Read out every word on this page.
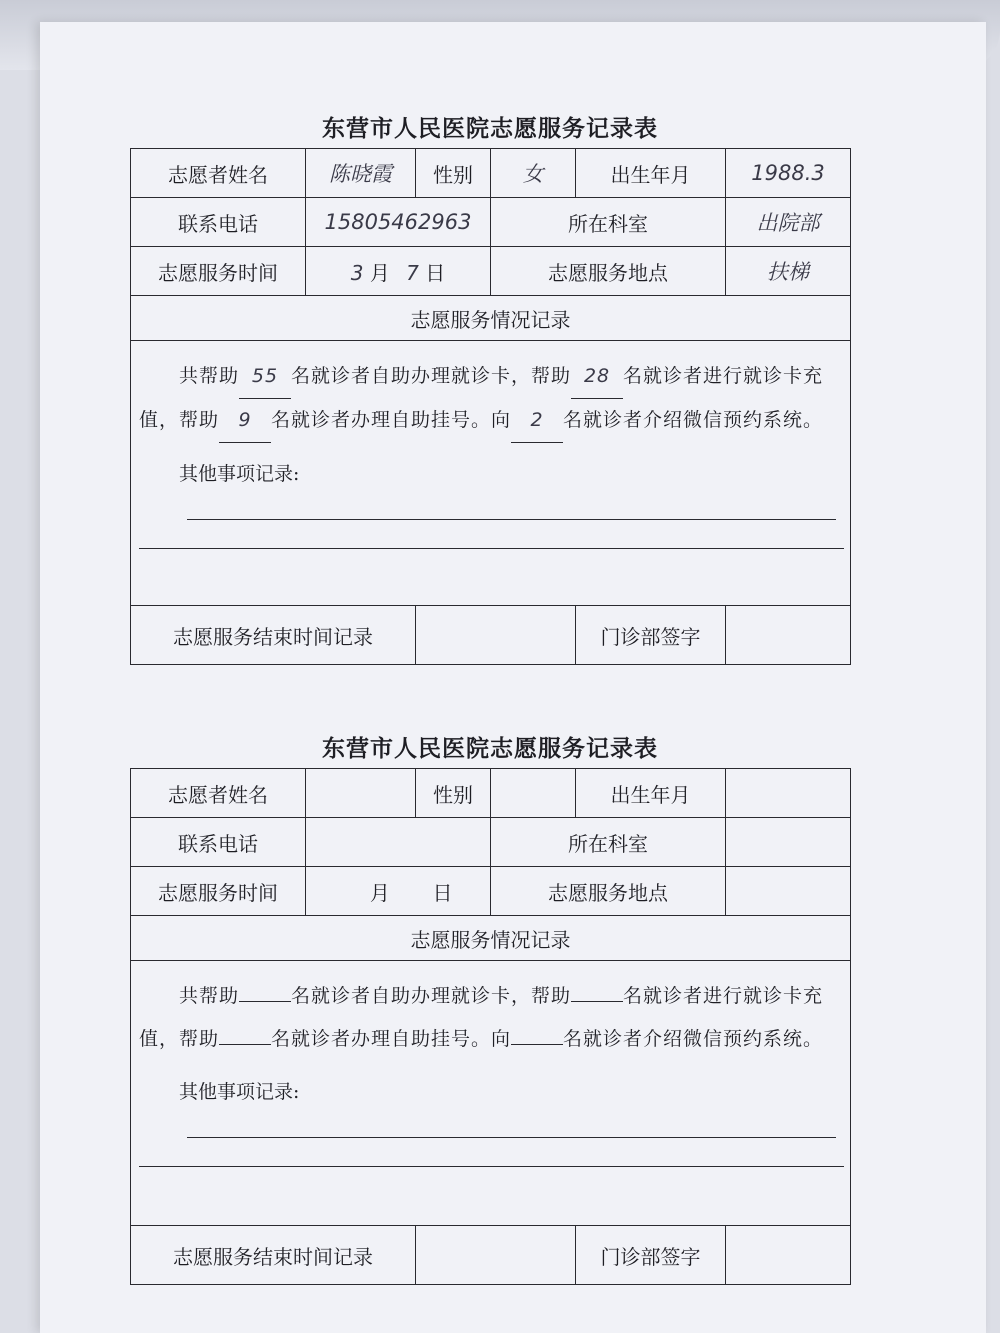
东营市人民医院志愿服务记录表
志愿者姓名	陈晓霞	性别	女	出生年月	1988.3
联系电话	15805462963		所在科室		出院部
志愿服务时间	3 月 7 日		志愿服务地点		扶梯
志愿服务情况记录					

共帮助 55 名就诊者自助办理就诊卡，帮助 28 名就诊者进行就诊卡充值，帮助 9 名就诊者办理自助挂号。向 2 名就诊者介绍微信预约系统。
其他事项记录:					

志愿服务结束时间记录				门诊部签字	
东营市人民医院志愿服务记录表
志愿者姓名		性别		出生年月	
联系电话			所在科室		
志愿服务时间	月 日		志愿服务地点		
志愿服务情况记录					

共帮助 名就诊者自助办理就诊卡，帮助 名就诊者进行就诊卡充值，帮助 名就诊者办理自助挂号。向 名就诊者介绍微信预约系统。
其他事项记录:					

志愿服务结束时间记录				门诊部签字	
